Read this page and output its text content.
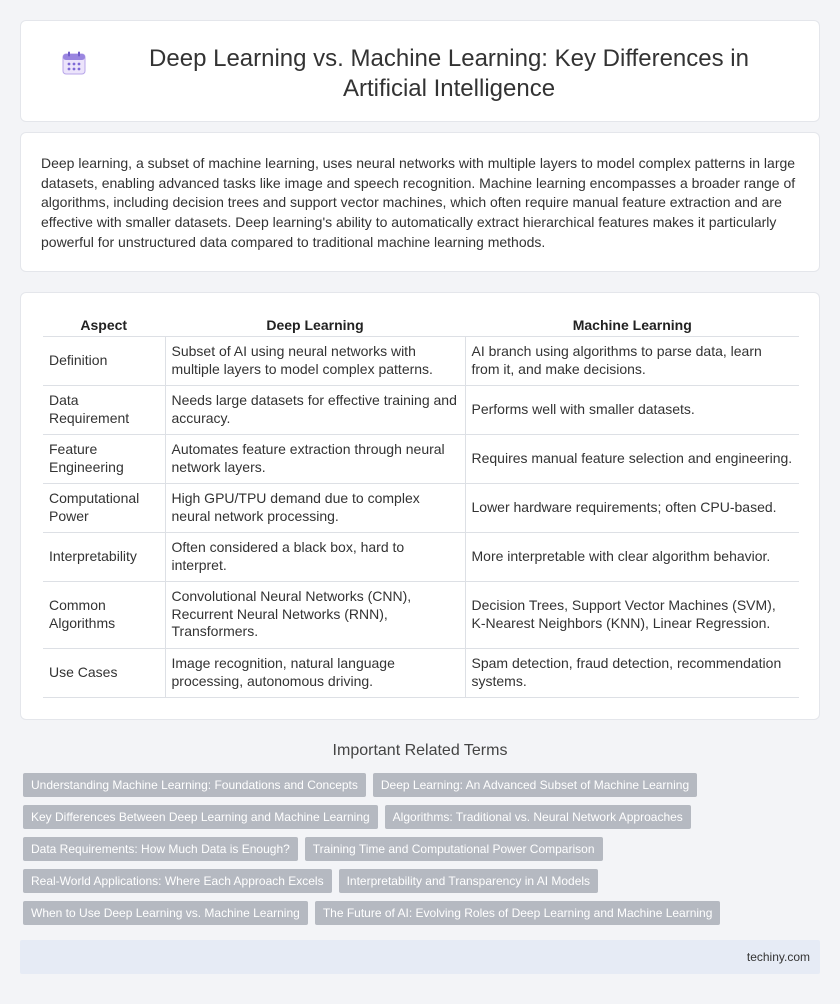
Deep Learning vs. Machine Learning: Key Differences in Artificial Intelligence

Deep learning, a subset of machine learning, uses neural networks with multiple layers to model complex patterns in large datasets, enabling advanced tasks like image and speech recognition. Machine learning encompasses a broader range of algorithms, including decision trees and support vector machines, which often require manual feature extraction and are effective with smaller datasets. Deep learning's ability to automatically extract hierarchical features makes it particularly powerful for unstructured data compared to traditional machine learning methods.

Aspect	Deep Learning	Machine Learning
Definition	Subset of AI using neural networks with multiple layers to model complex patterns.	AI branch using algorithms to parse data, learn from it, and make decisions.
Data Requirement	Needs large datasets for effective training and accuracy.	Performs well with smaller datasets.
Feature Engineering	Automates feature extraction through neural network layers.	Requires manual feature selection and engineering.
Computational Power	High GPU/TPU demand due to complex neural network processing.	Lower hardware requirements; often CPU-based.
Interpretability	Often considered a black box, hard to interpret.	More interpretable with clear algorithm behavior.
Common Algorithms	Convolutional Neural Networks (CNN), Recurrent Neural Networks (RNN), Transformers.	Decision Trees, Support Vector Machines (SVM), K-Nearest Neighbors (KNN), Linear Regression.
Use Cases	Image recognition, natural language processing, autonomous driving.	Spam detection, fraud detection, recommendation systems.
Important Related Terms
Understanding Machine Learning: Foundations and Concepts	Deep Learning: An Advanced Subset of Machine Learning
Key Differences Between Deep Learning and Machine Learning	Algorithms: Traditional vs. Neural Network Approaches
Data Requirements: How Much Data is Enough?	Training Time and Computational Power Comparison
Real-World Applications: Where Each Approach Excels	Interpretability and Transparency in AI Models
When to Use Deep Learning vs. Machine Learning	The Future of AI: Evolving Roles of Deep Learning and Machine Learning
techiny.com
